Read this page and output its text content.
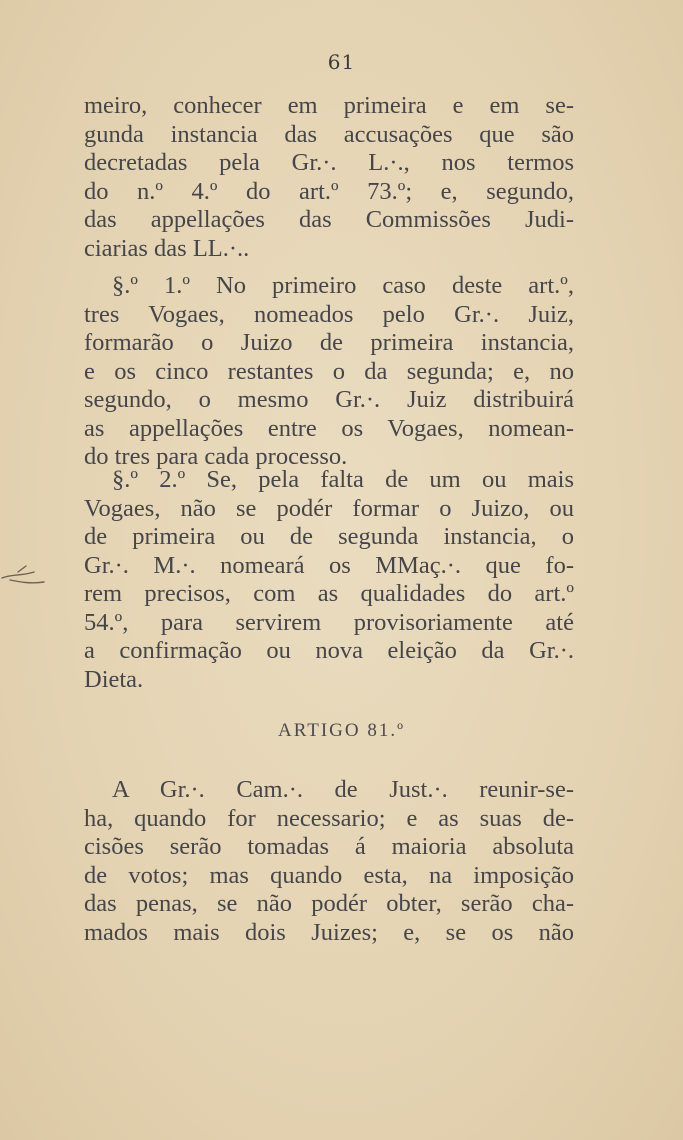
61
meiro, conhecer em primeira e em se-
gunda instancia das accusações que são
decretadas pela Gr.·. L.·., nos termos
do n.º 4.º do art.º 73.º; e, segundo,
das appellações das Commissões Judi-
ciarias das LL.·..
§.º 1.º No primeiro caso deste art.º,
tres Vogaes, nomeados pelo Gr.·. Juiz,
formarão o Juizo de primeira instancia,
e os cinco restantes o da segunda; e, no
segundo, o mesmo Gr.·. Juiz distribuirá
as appellações entre os Vogaes, nomean-
do tres para cada processo.
§.º 2.º Se, pela falta de um ou mais
Vogaes, não se podér formar o Juizo, ou
de primeira ou de segunda instancia, o
Gr.·. M.·. nomeará os MMaç.·. que fo-
rem precisos, com as qualidades do art.º
54.º, para servirem provisoriamente até
a confirmação ou nova eleição da Gr.·.
Dieta.
ARTIGO 81.º
A Gr.·. Cam.·. de Just.·. reunir-se-
ha, quando for necessario; e as suas de-
cisões serão tomadas á maioria absoluta
de votos; mas quando esta, na imposição
das penas, se não podér obter, serão cha-
mados mais dois Juizes; e, se os não
